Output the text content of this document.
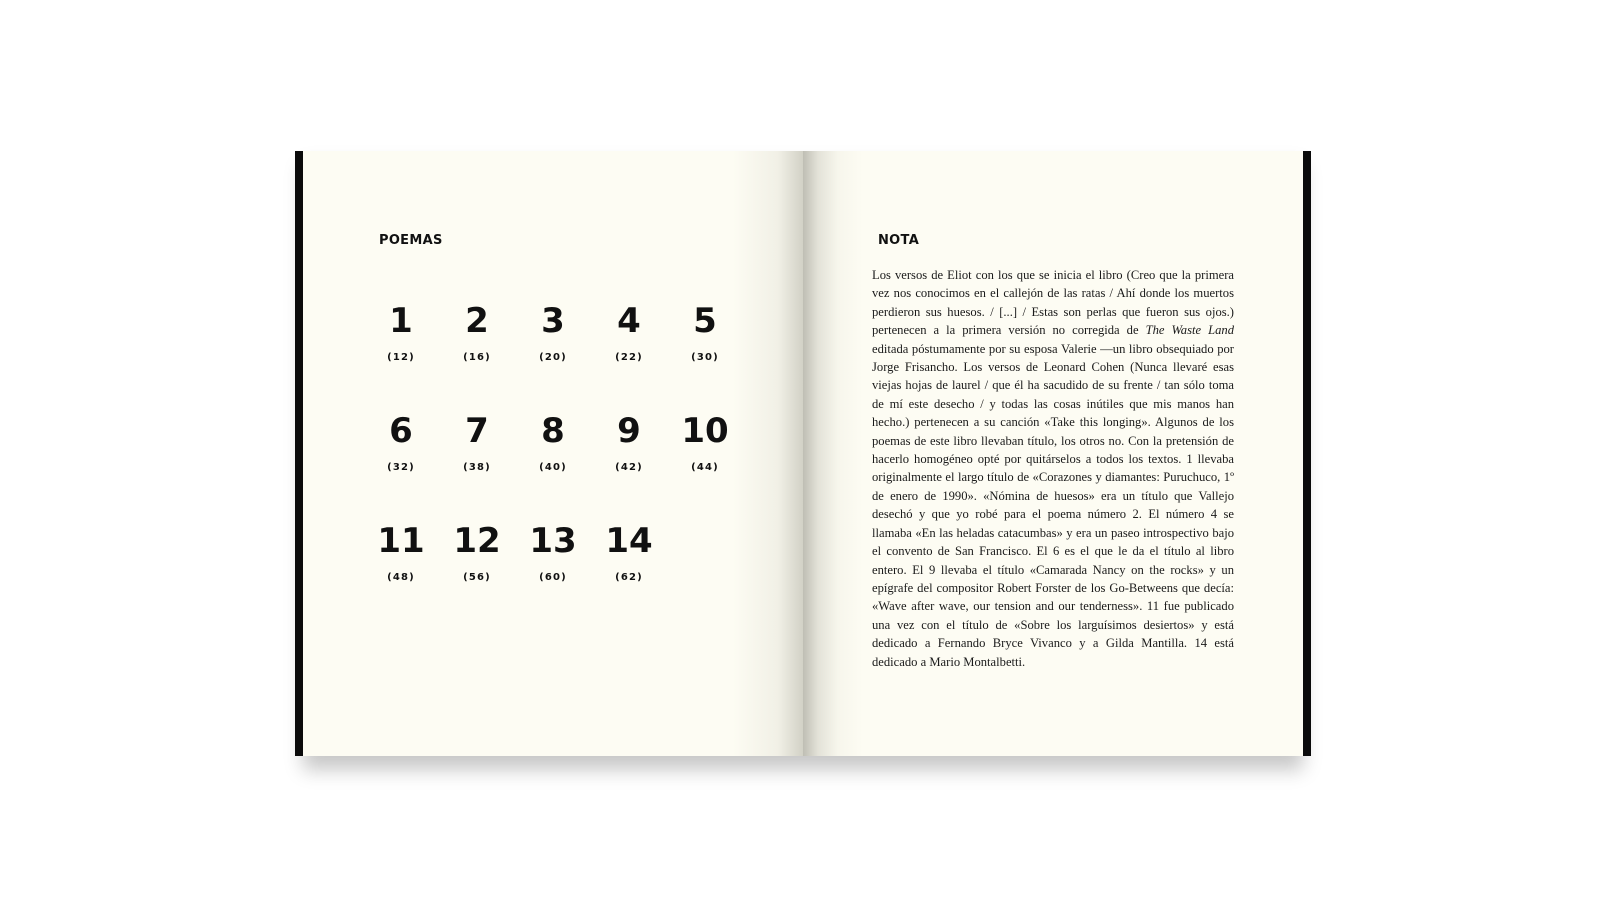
POEMAS
1
(12)
2
(16)
3
(20)
4
(22)
5
(30)
6
(32)
7
(38)
8
(40)
9
(42)
10
(44)
11
(48)
12
(56)
13
(60)
14
(62)
NOTA

Los versos de Eliot con los que se inicia el libro (Creo que la primera vez nos conocimos en el callejón de las ratas / Ahí donde los muertos perdieron sus huesos. / [...] / Estas son perlas que fueron sus ojos.) pertenecen a la primera versión no corregida de The Waste Land editada póstumamente por su esposa Valerie —un libro obsequiado por Jorge Frisancho. Los versos de Leonard Cohen (Nunca llevaré esas viejas hojas de laurel / que él ha sacudido de su frente / tan sólo toma de mí este desecho / y todas las cosas inútiles que mis manos han hecho.) pertenecen a su canción «Take this longing». Algunos de los poemas de este libro llevaban título, los otros no. Con la pretensión de hacerlo homogéneo opté por quitárselos a todos los textos. 1 llevaba originalmente el largo título de «Corazones y diamantes: Puruchuco, 1º de enero de 1990». «Nómina de huesos» era un título que Vallejo desechó y que yo robé para el poema número 2. El número 4 se llamaba «En las heladas catacumbas» y era un paseo introspectivo bajo el convento de San Francisco. El 6 es el que le da el título al libro entero. El 9 llevaba el título «Camarada Nancy on the rocks» y un epígrafe del compositor Robert Forster de los Go-Betweens que decía: «Wave after wave, our tension and our tenderness». 11 fue publicado una vez con el título de «Sobre los larguísimos desiertos» y está dedicado a Fernando Bryce Vivanco y a Gilda Mantilla. 14 está dedicado a Mario Montalbetti.
